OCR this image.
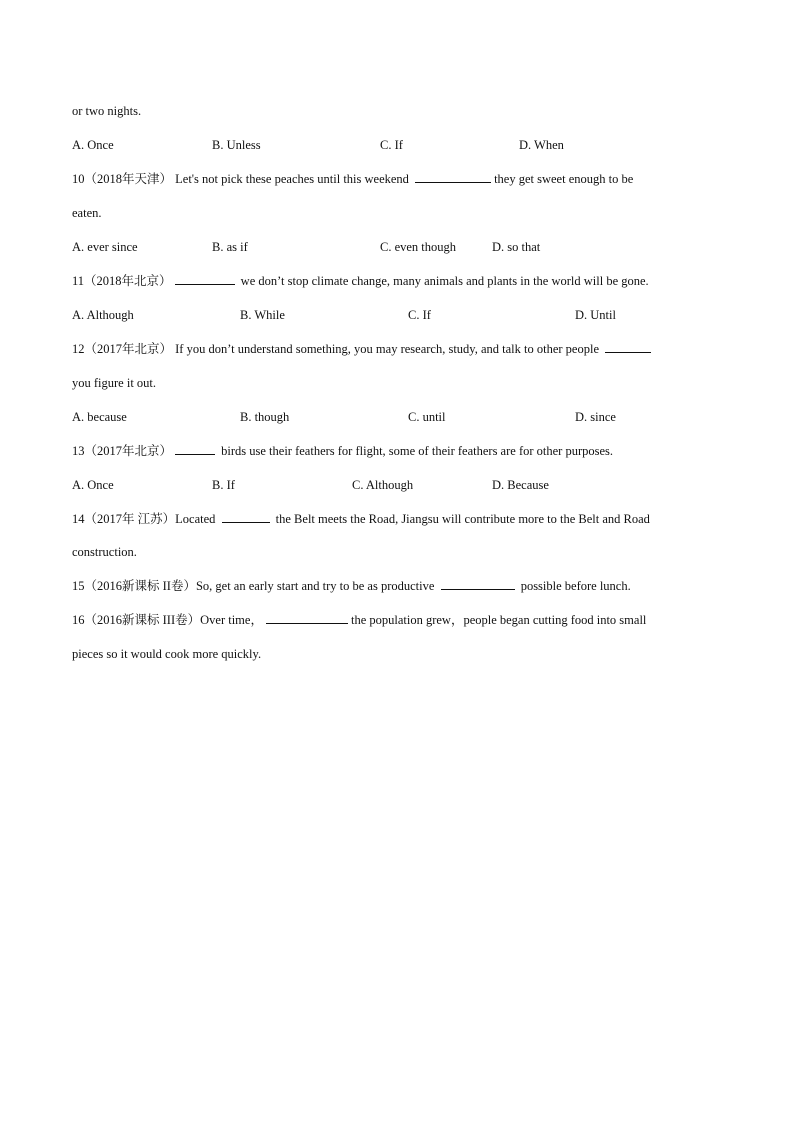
or two nights.
A. Once	B. Unless	C. If	D. When
10（2018年天津） Let's not pick these peaches until this weekend	they get sweet enough to be
eaten.
A. ever since	B. as if	C. even though	D. so that
11（2018年北京）	we don’t stop climate change, many animals and plants in the world will be gone.
A. Although	B. While	C. If	D. Until
12（2017年北京） If you don’t understand something, you may research, study, and talk to other people
you figure it out.
A. because	B. though	C. until	D. since
13（2017年北京）	birds use their feathers for flight, some of their feathers are for other purposes.
A. Once	B. If	C. Although	D. Because
14（2017年 江苏）Located	the Belt meets the Road, Jiangsu will contribute more to the Belt and Road
construction.
15（2016新课标 II卷）So, get an early start and try to be as productive	possible before lunch.
16（2016新课标 III卷）Over time，	the population grew，people began cutting food into small
pieces so it would cook more quickly.
